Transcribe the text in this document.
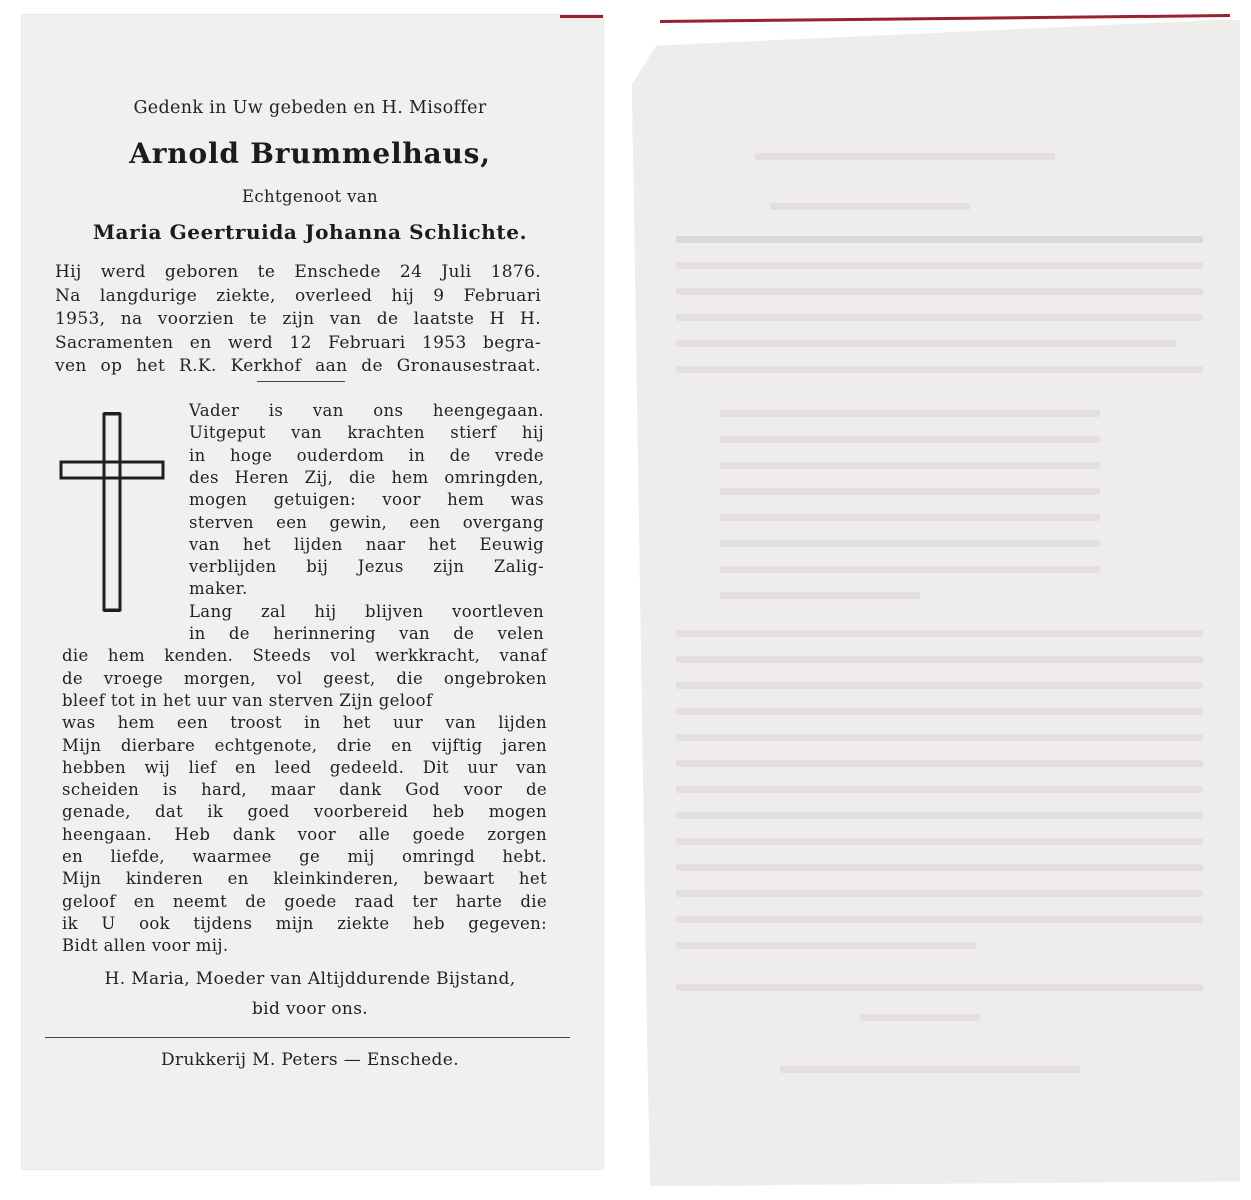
Gedenk in Uw gebeden en H. Misoffer
Arnold Brummelhaus,
Echtgenoot van
Maria Geertruida Johanna Schlichte.
Hij werd geboren te Enschede 24 Juli 1876.
Na langdurige ziekte, overleed hij 9 Februari
1953, na voorzien te zijn van de laatste H H.
Sacramenten en werd 12 Februari 1953 begra-
ven op het R.K. Kerkhof aan de Gronausestraat.
Vader is van ons heengegaan.
Uitgeput van krachten stierf hij
in hoge ouderdom in de vrede
des Heren Zij, die hem omringden,
mogen getuigen: voor hem was
sterven een gewin, een overgang
van het lijden naar het Eeuwig
verblijden bij Jezus zijn Zalig-
maker.
Lang zal hij blijven voortleven
in de herinnering van de velen
die hem kenden. Steeds vol werkkracht, vanaf
de vroege morgen, vol geest, die ongebroken
bleef tot in het uur van sterven Zijn geloof
was hem een troost in het uur van lijden
Mijn dierbare echtgenote, drie en vijftig jaren
hebben wij lief en leed gedeeld. Dit uur van
scheiden is hard, maar dank God voor de
genade, dat ik goed voorbereid heb mogen
heengaan. Heb dank voor alle goede zorgen
en liefde, waarmee ge mij omringd hebt.
Mijn kinderen en kleinkinderen, bewaart het
geloof en neemt de goede raad ter harte die
ik U ook tijdens mijn ziekte heb gegeven:
Bidt allen voor mij.
H. Maria, Moeder van Altijddurende Bijstand,
bid voor ons.
Drukkerij M. Peters — Enschede.
